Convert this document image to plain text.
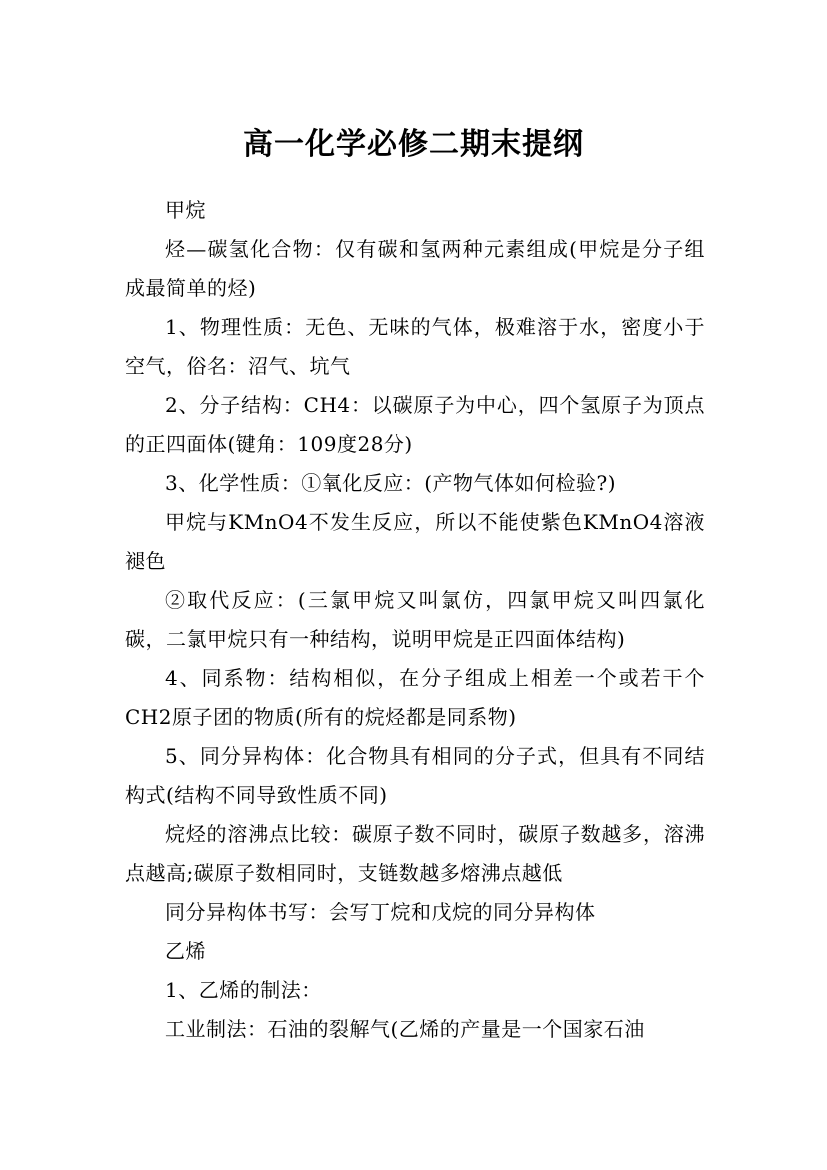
高一化学必修二期末提纲

甲烷

烃—碳氢化合物：仅有碳和氢两种元素组成(甲烷是分子组成最简单的烃)

1、物理性质：无色、无味的气体，极难溶于水，密度小于空气，俗名：沼气、坑气

2、分子结构：CH4：以碳原子为中心，四个氢原子为顶点的正四面体(键角：109度28分)

3、化学性质：①氧化反应：(产物气体如何检验?)

甲烷与KMnO4不发生反应，所以不能使紫色KMnO4溶液褪色

②取代反应：(三氯甲烷又叫氯仿，四氯甲烷又叫四氯化碳，二氯甲烷只有一种结构，说明甲烷是正四面体结构)

4、同系物：结构相似，在分子组成上相差一个或若干个CH2原子团的物质(所有的烷烃都是同系物)

5、同分异构体：化合物具有相同的分子式，但具有不同结构式(结构不同导致性质不同)

烷烃的溶沸点比较：碳原子数不同时，碳原子数越多，溶沸点越高;碳原子数相同时，支链数越多熔沸点越低

同分异构体书写：会写丁烷和戊烷的同分异构体

乙烯

1、乙烯的制法：

工业制法：石油的裂解气(乙烯的产量是一个国家石油
